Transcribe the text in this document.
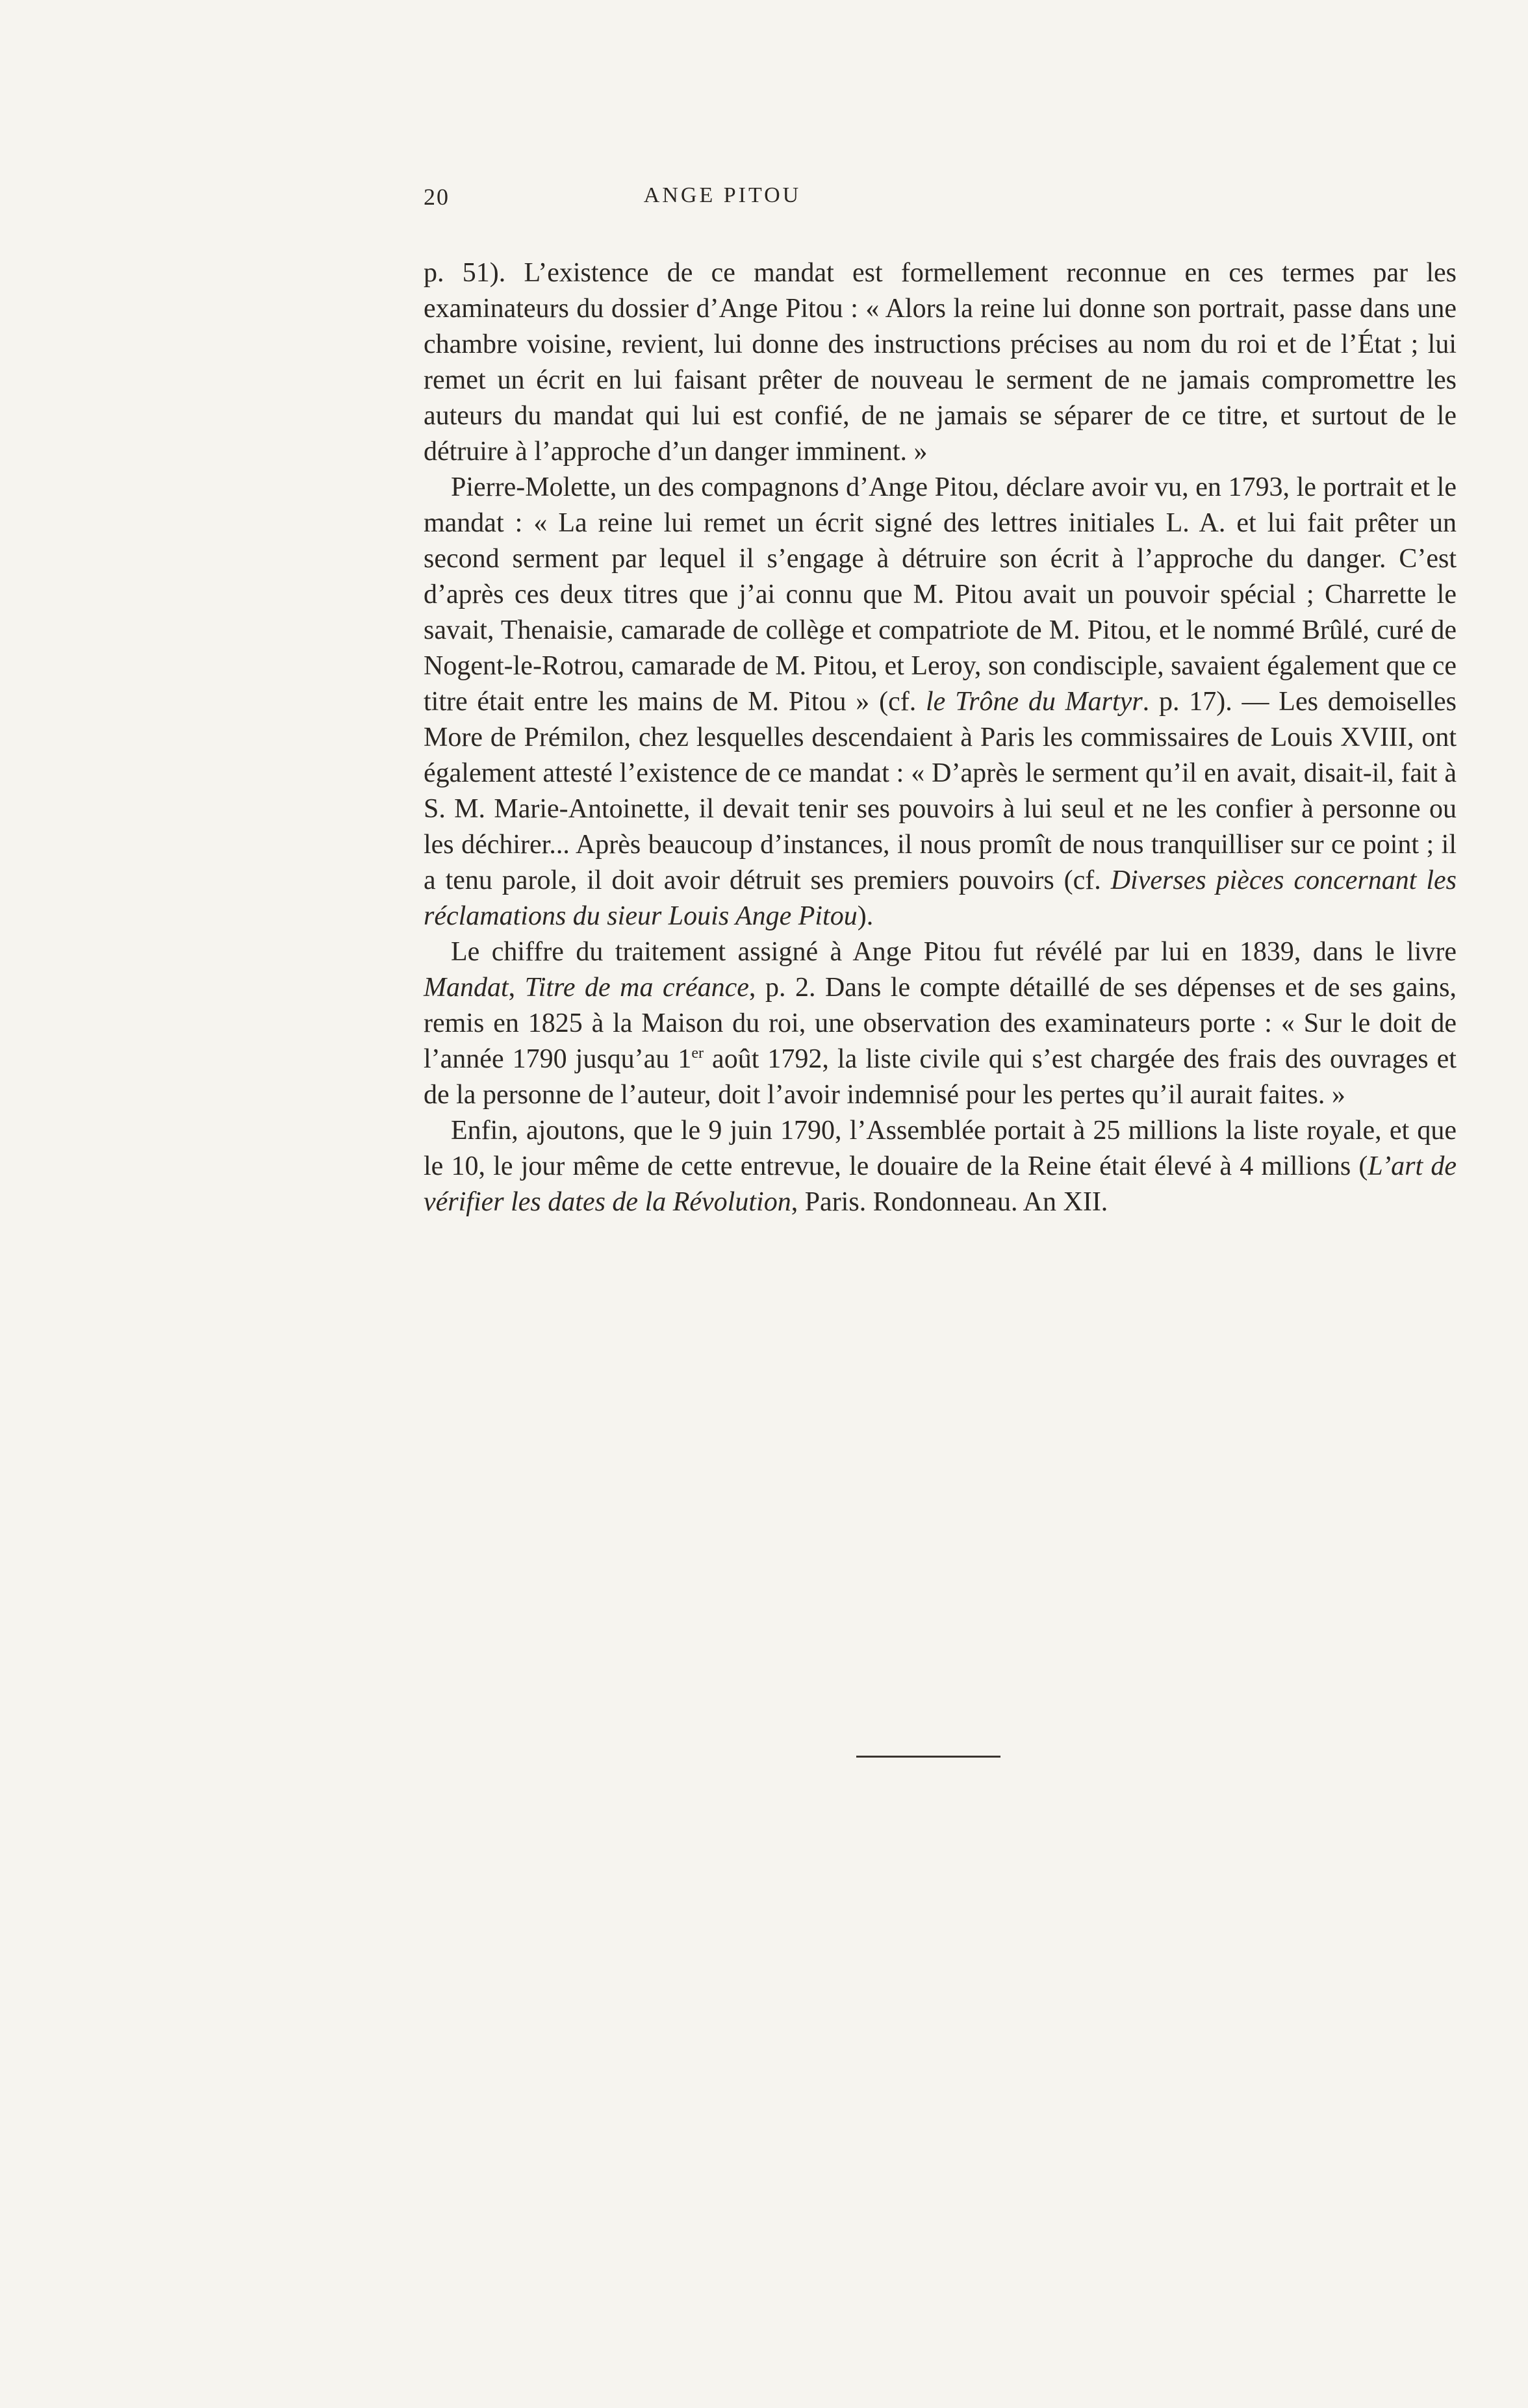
20	ANGE PITOU

p. 51). L’existence de ce mandat est formellement reconnue en ces termes par les examinateurs du dossier d’Ange Pitou : « Alors la reine lui donne son portrait, passe dans une chambre voisine, revient, lui donne des instructions précises au nom du roi et de l’État ; lui remet un écrit en lui faisant prêter de nouveau le serment de ne jamais compromettre les auteurs du mandat qui lui est confié, de ne jamais se séparer de ce titre, et surtout de le détruire à l’approche d’un danger imminent. »

Pierre-Molette, un des compagnons d’Ange Pitou, déclare avoir vu, en 1793, le portrait et le mandat : « La reine lui remet un écrit signé des lettres initiales L. A. et lui fait prêter un second serment par lequel il s’engage à détruire son écrit à l’approche du danger. C’est d’après ces deux titres que j’ai connu que M. Pitou avait un pouvoir spécial ; Charrette le savait, Thenaisie, camarade de collège et compatriote de M. Pitou, et le nommé Brûlé, curé de Nogent-le-Rotrou, camarade de M. Pitou, et Leroy, son condisciple, savaient également que ce titre était entre les mains de M. Pitou » (cf. le Trône du Martyr. p. 17). — Les demoiselles More de Prémilon, chez lesquelles descendaient à Paris les commissaires de Louis XVIII, ont également attesté l’existence de ce mandat : « D’après le serment qu’il en avait, disait-il, fait à S. M. Marie-Antoinette, il devait tenir ses pouvoirs à lui seul et ne les confier à personne ou les déchirer... Après beaucoup d’instances, il nous promît de nous tranquilliser sur ce point ; il a tenu parole, il doit avoir détruit ses premiers pouvoirs (cf. Diverses pièces concernant les réclamations du sieur Louis Ange Pitou).

Le chiffre du traitement assigné à Ange Pitou fut révélé par lui en 1839, dans le livre Mandat, Titre de ma créance, p. 2. Dans le compte détaillé de ses dépenses et de ses gains, remis en 1825 à la Maison du roi, une observation des examinateurs porte : « Sur le doit de l’année 1790 jusqu’au 1er août 1792, la liste civile qui s’est chargée des frais des ouvrages et de la personne de l’auteur, doit l’avoir indemnisé pour les pertes qu’il aurait faites. »

Enfin, ajoutons, que le 9 juin 1790, l’Assemblée portait à 25 millions la liste royale, et que le 10, le jour même de cette entrevue, le douaire de la Reine était élevé à 4 millions (L’art de vérifier les dates de la Révolution, Paris. Rondonneau. An XII.
